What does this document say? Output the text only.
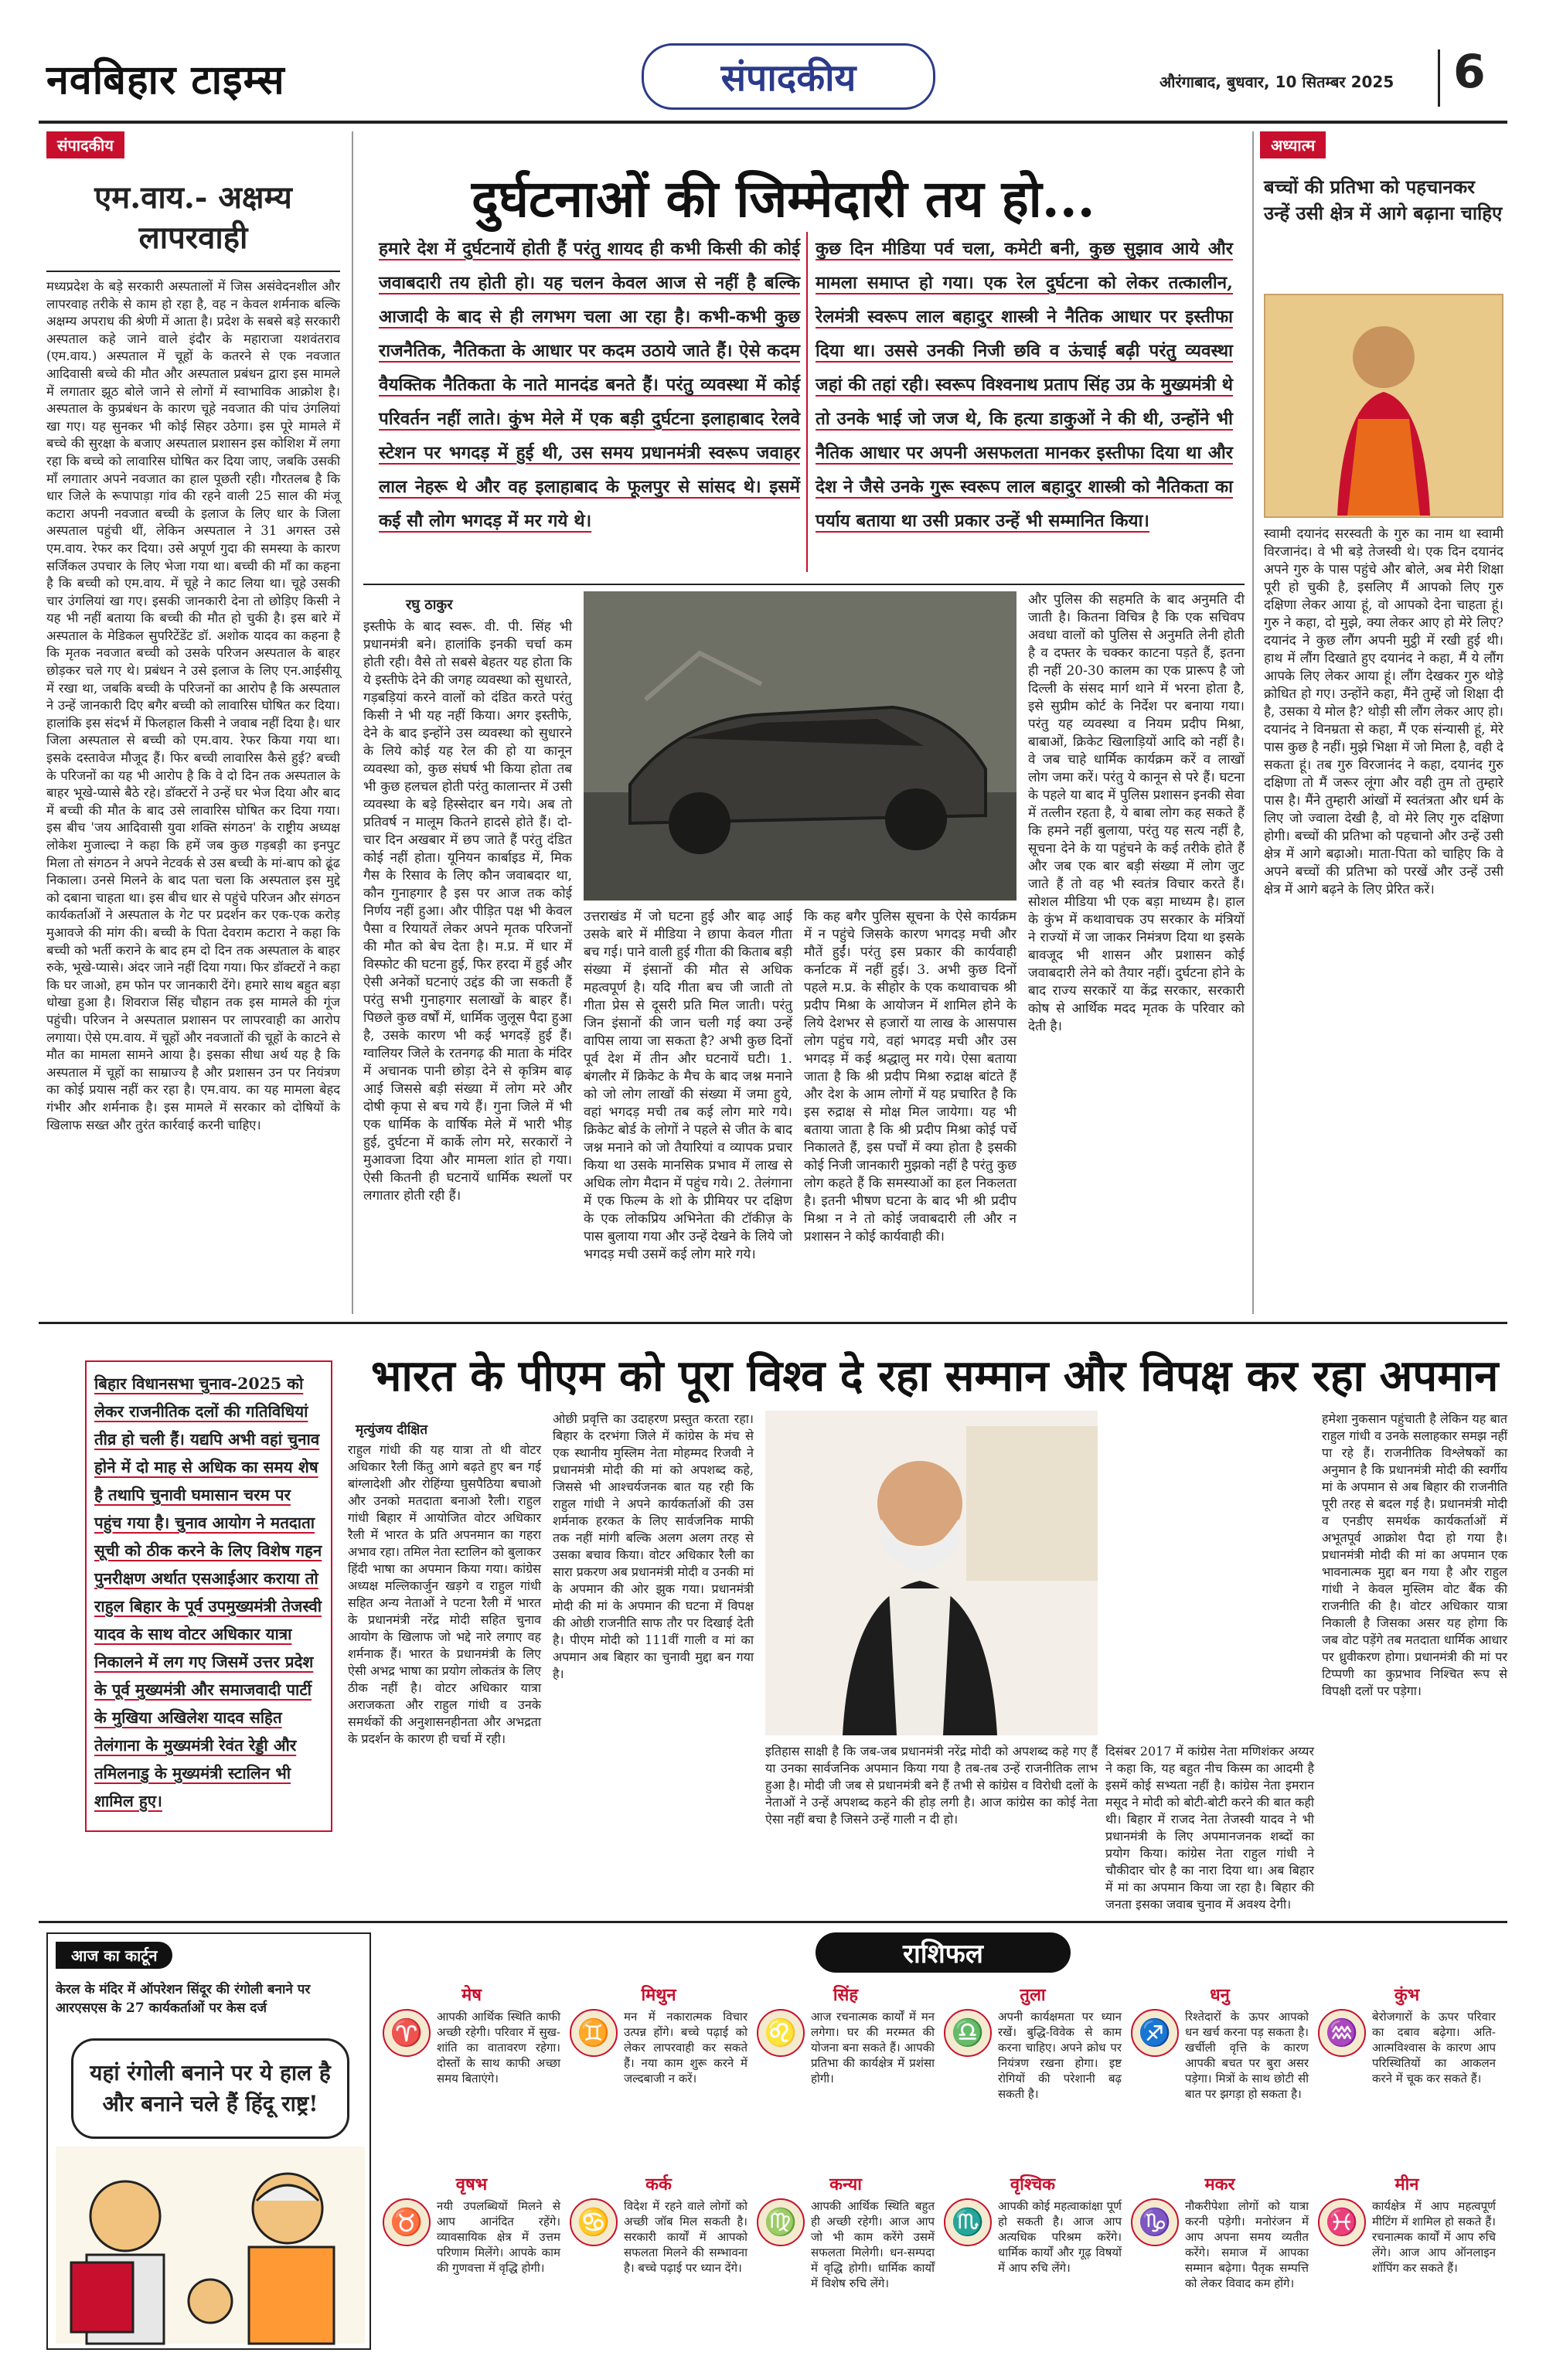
नवबिहार टाइम्स	संपादकीय	औरंगाबाद, बुधवार, 10 सितम्बर 2025 6
संपादकीय
एम.वाय.- अक्षम्य लापरवाही
मध्यप्रदेश के बड़े सरकारी अस्पतालों में जिस असंवेदनशील और लापरवाह तरीके से काम हो रहा है, वह न केवल शर्मनाक बल्कि अक्षम्य अपराध की श्रेणी में आता है। प्रदेश के सबसे बड़े सरकारी अस्पताल कहे जाने वाले इंदौर के महाराजा यशवंतराव (एम.वाय.) अस्पताल में चूहों के कतरने से एक नवजात आदिवासी बच्चे की मौत और अस्पताल प्रबंधन द्वारा इस मामले में लगातार झूठ बोले जाने से लोगों में स्वाभाविक आक्रोश है। अस्पताल के कुप्रबंधन के कारण चूहे नवजात की पांच उंगलियां खा गए। यह सुनकर भी कोई सिहर उठेगा। इस पूरे मामले में बच्चे की सुरक्षा के बजाए अस्पताल प्रशासन इस कोशिश में लगा रहा कि बच्चे को लावारिस घोषित कर दिया जाए, जबकि उसकी माँ लगातार अपने नवजात का हाल पूछती रही। गौरतलब है कि धार जिले के रूपापाड़ा गांव की रहने वाली 25 साल की मंजू कटारा अपनी नवजात बच्ची के इलाज के लिए धार के जिला अस्पताल पहुंची थीं, लेकिन अस्पताल ने 31 अगस्त उसे एम.वाय. रेफर कर दिया। उसे अपूर्ण गुदा की समस्या के कारण सर्जिकल उपचार के लिए भेजा गया था। बच्ची की माँ का कहना है कि बच्ची को एम.वाय. में चूहे ने काट लिया था। चूहे उसकी चार उंगलियां खा गए। इसकी जानकारी देना तो छोड़िए किसी ने यह भी नहीं बताया कि बच्ची की मौत हो चुकी है। इस बारे में अस्पताल के मेडिकल सुपरिटेंडेंट डॉ. अशोक यादव का कहना है कि मृतक नवजात बच्ची को उसके परिजन अस्पताल के बाहर छोड़कर चले गए थे। प्रबंधन ने उसे इलाज के लिए एन.आईसीयू में रखा था, जबकि बच्ची के परिजनों का आरोप है कि अस्पताल ने उन्हें जानकारी दिए बगैर बच्ची को लावारिस घोषित कर दिया। हालांकि इस संदर्भ में फिलहाल किसी ने जवाब नहीं दिया है। धार जिला अस्पताल से बच्ची को एम.वाय. रेफर किया गया था। इसके दस्तावेज मौजूद हैं। फिर बच्ची लावारिस कैसे हुई? बच्ची के परिजनों का यह भी आरोप है कि वे दो दिन तक अस्पताल के बाहर भूखे-प्यासे बैठे रहे। डॉक्टरों ने उन्हें घर भेज दिया और बाद में बच्ची की मौत के बाद उसे लावारिस घोषित कर दिया गया। इस बीच 'जय आदिवासी युवा शक्ति संगठन' के राष्ट्रीय अध्यक्ष लोकेश मुजाल्दा ने कहा कि हमें जब कुछ गड़बड़ी का इनपुट मिला तो संगठन ने अपने नेटवर्क से उस बच्ची के मां-बाप को ढूंढ निकाला। उनसे मिलने के बाद पता चला कि अस्पताल इस मुद्दे को दबाना चाहता था। इस बीच धार से पहुंचे परिजन और संगठन कार्यकर्ताओं ने अस्पताल के गेट पर प्रदर्शन कर एक-एक करोड़ मुआवजे की मांग की। बच्ची के पिता देवराम कटारा ने कहा कि बच्ची को भर्ती कराने के बाद हम दो दिन तक अस्पताल के बाहर रुके, भूखे-प्यासे। अंदर जाने नहीं दिया गया। फिर डॉक्टरों ने कहा कि घर जाओ, हम फोन पर जानकारी देंगे। हमारे साथ बहुत बड़ा धोखा हुआ है। शिवराज सिंह चौहान तक इस मामले की गूंज पहुंची। परिजन ने अस्पताल प्रशासन पर लापरवाही का आरोप लगाया। ऐसे एम.वाय. में चूहों और नवजातों की चूहों के काटने से मौत का मामला सामने आया है। इसका सीधा अर्थ यह है कि अस्पताल में चूहों का साम्राज्य है और प्रशासन उन पर नियंत्रण का कोई प्रयास नहीं कर रहा है। एम.वाय. का यह मामला बेहद गंभीर और शर्मनाक है। इस मामले में सरकार को दोषियों के खिलाफ सख्त और तुरंत कार्रवाई करनी चाहिए।
दुर्घटनाओं की जिम्मेदारी तय हो...
हमारे देश में दुर्घटनायें होती हैं परंतु शायद ही कभी किसी की कोई जवाबदारी तय होती हो। यह चलन केवल आज से नहीं है बल्कि आजादी के बाद से ही लगभग चला आ रहा है। कभी-कभी कुछ राजनैतिक, नैतिकता के आधार पर कदम उठाये जाते हैं। ऐसे कदम वैयक्तिक नैतिकता के नाते मानदंड बनते हैं। परंतु व्यवस्था में कोई परिवर्तन नहीं लाते। कुंभ मेले में एक बड़ी दुर्घटना इलाहाबाद रेलवे स्टेशन पर भगदड़ में हुई थी, उस समय प्रधानमंत्री स्वरूप जवाहर लाल नेहरू थे और वह इलाहाबाद के फूलपुर से सांसद थे। इसमें कई सौ लोग भगदड़ में मर गये थे।
कुछ दिन मीडिया पर्व चला, कमेटी बनी, कुछ सुझाव आये और मामला समाप्त हो गया। एक रेल दुर्घटना को लेकर तत्कालीन, रेलमंत्री स्वरूप लाल बहादुर शास्त्री ने नैतिक आधार पर इस्तीफा दिया था। उससे उनकी निजी छवि व ऊंचाई बढ़ी परंतु व्यवस्था जहां की तहां रही। स्वरूप विश्वनाथ प्रताप सिंह उप्र के मुख्यमंत्री थे तो उनके भाई जो जज थे, कि हत्या डाकुओं ने की थी, उन्होंने भी नैतिक आधार पर अपनी असफलता मानकर इस्तीफा दिया था और देश ने जैसे उनके गुरू स्वरूप लाल बहादुर शास्त्री को नैतिकता का पर्याय बताया था उसी प्रकार उन्हें भी सम्मानित किया।
रघु ठाकुर
इस्तीफे के बाद स्वरू. वी. पी. सिंह भी प्रधानमंत्री बने। हालांकि इनकी चर्चा कम होती रही। वैसे तो सबसे बेहतर यह होता कि ये इस्तीफे देने की जगह व्यवस्था को सुधारते, गड़बड़ियां करने वालों को दंडित करते परंतु किसी ने भी यह नहीं किया। अगर इस्तीफे, देने के बाद इन्होंने उस व्यवस्था को सुधारने के लिये कोई यह रेल की हो या कानून व्यवस्था को, कुछ संघर्ष भी किया होता तब भी कुछ हलचल होती परंतु कालान्तर में उसी व्यवस्था के बड़े हिस्सेदार बन गये। अब तो प्रतिवर्ष न मालूम कितने हादसे होते हैं। दो-चार दिन अखबार में छप जाते हैं परंतु दंडित कोई नहीं होता। यूनियन कार्बाइड में, मिक गैस के रिसाव के लिए कौन जवाबदार था, कौन गुनाहगार है इस पर आज तक कोई निर्णय नहीं हुआ। और पीड़ित पक्ष भी केवल पैसा व रियायतें लेकर अपने मृतक परिजनों की मौत को बेच देता है। म.प्र. में धार में विस्फोट की घटना हुई, फिर हरदा में हुई और ऐसी अनेकों घटनाएं उद्दंड की जा सकती हैं परंतु सभी गुनाहगार सलाखों के बाहर हैं। पिछले कुछ वर्षों में, धार्मिक जुलूस पैदा हुआ है, उसके कारण भी कई भगदड़ें हुई हैं। ग्वालियर जिले के रतनगढ़ की माता के मंदिर में अचानक पानी छोड़ा देने से कृत्रिम बाढ़ आई जिससे बड़ी संख्या में लोग मरे और दोषी कृपा से बच गये हैं। गुना जिले में भी एक धार्मिक के वार्षिक मेले में भारी भीड़ हुई, दुर्घटना में कार्के लोग मरे, सरकारों ने मुआवजा दिया और मामला शांत हो गया। ऐसी कितनी ही घटनायें धार्मिक स्थलों पर लगातार होती रही हैं।
उत्तराखंड में जो घटना हुई और बाढ़ आई उसके बारे में मीडिया ने छापा केवल गीता बच गई। पाने वाली हुई गीता की किताब बड़ी संख्या में इंसानों की मौत से अधिक महत्वपूर्ण है। यदि गीता बच जी जाती तो गीता प्रेस से दूसरी प्रति मिल जाती। परंतु जिन इंसानों की जान चली गई क्या उन्हें वापिस लाया जा सकता है? अभी कुछ दिनों पूर्व देश में तीन और घटनायें घटी। 1. बंगलौर में क्रिकेट के मैच के बाद जश्न मनाने को जो लोग लाखों की संख्या में जमा हुये, वहां भगदड़ मची तब कई लोग मारे गये। क्रिकेट बोर्ड के लोगों ने पहले से जीत के बाद जश्न मनाने को जो तैयारियां व व्यापक प्रचार किया था उसके मानसिक प्रभाव में लाख से अधिक लोग मैदान में पहुंच गये। 2. तेलंगाना में एक फिल्म के शो के प्रीमियर पर दक्षिण के एक लोकप्रिय अभिनेता की टॉकीज़ के पास बुलाया गया और उन्हें देखने के लिये जो भगदड़ मची उसमें कई लोग मारे गये।
कि कह बगैर पुलिस सूचना के ऐसे कार्यक्रम में न पहुंचे जिसके कारण भगदड़ मची और मौतें हुईं। परंतु इस प्रकार की कार्यवाही कर्नाटक में नहीं हुई। 3. अभी कुछ दिनों पहले म.प्र. के सीहोर के एक कथावाचक श्री प्रदीप मिश्रा के आयोजन में शामिल होने के लिये देशभर से हजारों या लाख के आसपास लोग पहुंच गये, वहां भगदड़ मची और उस भगदड़ में कई श्रद्धालु मर गये। ऐसा बताया जाता है कि श्री प्रदीप मिश्रा रुद्राक्ष बांटते हैं और देश के आम लोगों में यह प्रचारित है कि इस रुद्राक्ष से मोक्ष मिल जायेगा। यह भी बताया जाता है कि श्री प्रदीप मिश्रा कोई पर्चे निकालते हैं, इस पर्चों में क्या होता है इसकी कोई निजी जानकारी मुझको नहीं है परंतु कुछ लोग कहते हैं कि समस्याओं का हल निकलता है। इतनी भीषण घटना के बाद भी श्री प्रदीप मिश्रा न ने तो कोई जवाबदारी ली और न प्रशासन ने कोई कार्यवाही की।
और पुलिस की सहमति के बाद अनुमति दी जाती है। कितना विचित्र है कि एक सचिवप अवधा वालों को पुलिस से अनुमति लेनी होती है व दफ्तर के चक्कर काटना पड़ते हैं, इतना ही नहीं 20-30 कालम का एक प्रारूप है जो दिल्ली के संसद मार्ग थाने में भरना होता है, इसे सुप्रीम कोर्ट के निर्देश पर बनाया गया। परंतु यह व्यवस्था व नियम प्रदीप मिश्रा, बाबाओं, क्रिकेट खिलाड़ियों आदि को नहीं है। वे जब चाहे धार्मिक कार्यक्रम करें व लाखों लोग जमा करें। परंतु ये कानून से परे हैं। घटना के पहले या बाद में पुलिस प्रशासन इनकी सेवा में तत्लीन रहता है, ये बाबा लोग कह सकते हैं कि हमने नहीं बुलाया, परंतु यह सत्य नहीं है, सूचना देने के या पहुंचने के कई तरीके होते हैं और जब एक बार बड़ी संख्या में लोग जुट जाते हैं तो वह भी स्वतंत्र विचार करते हैं। सोशल मीडिया भी एक बड़ा माध्यम है। हाल के कुंभ में कथावाचक उप सरकार के मंत्रियों ने राज्यों में जा जाकर निमंत्रण दिया था इसके बावजूद भी शासन और प्रशासन कोई जवाबदारी लेने को तैयार नहीं। दुर्घटना होने के बाद राज्य सरकारें या केंद्र सरकार, सरकारी कोष से आर्थिक मदद मृतक के परिवार को देती है।
अध्यात्म
बच्चों की प्रतिभा को पहचानकर उन्हें उसी क्षेत्र में आगे बढ़ाना चाहिए
स्वामी दयानंद सरस्वती के गुरु का नाम था स्वामी विरजानंद। वे भी बड़े तेजस्वी थे। एक दिन दयानंद अपने गुरु के पास पहुंचे और बोले, अब मेरी शिक्षा पूरी हो चुकी है, इसलिए मैं आपको लिए गुरु दक्षिणा लेकर आया हूं, वो आपको देना चाहता हूं। गुरु ने कहा, दो मुझे, क्या लेकर आए हो मेरे लिए? दयानंद ने कुछ लौंग अपनी मुट्ठी में रखी हुई थी। हाथ में लौंग दिखाते हुए दयानंद ने कहा, मैं ये लौंग आपके लिए लेकर आया हूं। लौंग देखकर गुरु थोड़े क्रोधित हो गए। उन्होंने कहा, मैंने तुम्हें जो शिक्षा दी है, उसका ये मोल है? थोड़ी सी लौंग लेकर आए हो। दयानंद ने विनम्रता से कहा, मैं एक संन्यासी हूं, मेरे पास कुछ है नहीं। मुझे भिक्षा में जो मिला है, वही दे सकता हूं। तब गुरु विरजानंद ने कहा, दयानंद गुरु दक्षिणा तो मैं जरूर लूंगा और वही तुम तो तुम्हारे पास है। मैंने तुम्हारी आंखों में स्वतंत्रता और धर्म के लिए जो ज्वाला देखी है, वो मेरे लिए गुरु दक्षिणा होगी। बच्चों की प्रतिभा को पहचानो और उन्हें उसी क्षेत्र में आगे बढ़ाओ। माता-पिता को चाहिए कि वे अपने बच्चों की प्रतिभा को परखें और उन्हें उसी क्षेत्र में आगे बढ़ने के लिए प्रेरित करें।
भारत के पीएम को पूरा विश्व दे रहा सम्मान और विपक्ष कर रहा अपमान
बिहार विधानसभा चुनाव-2025 को लेकर राजनीतिक दलों की गतिविधियां तीव्र हो चली हैं। यद्यपि अभी वहां चुनाव होने में दो माह से अधिक का समय शेष है तथापि चुनावी घमासान चरम पर पहुंच गया है। चुनाव आयोग ने मतदाता सूची को ठीक करने के लिए विशेष गहन पुनरीक्षण अर्थात एसआईआर कराया तो राहुल बिहार के पूर्व उपमुख्यमंत्री तेजस्वी यादव के साथ वोटर अधिकार यात्रा निकालने में लग गए जिसमें उत्तर प्रदेश के पूर्व मुख्यमंत्री और समाजवादी पार्टी के मुखिया अखिलेश यादव सहित तेलंगाना के मुख्यमंत्री रेवंत रेड्डी और तमिलनाडु के मुख्यमंत्री स्टालिन भी शामिल हुए।
मृत्युंजय दीक्षित
राहुल गांधी की यह यात्रा तो थी वोटर अधिकार रैली किंतु आगे बढ़ते हुए बन गई बांग्लादेशी और रोहिंग्या घुसपैठिया बचाओ और उनको मतदाता बनाओ रैली। राहुल गांधी बिहार में आयोजित वोटर अधिकार रैली में भारत के प्रति अपनमान का गहरा अभाव रहा। तमिल नेता स्टालिन को बुलाकर हिंदी भाषा का अपमान किया गया। कांग्रेस अध्यक्ष मल्लिकार्जुन खड़गे व राहुल गांधी सहित अन्य नेताओं ने पटना रैली में भारत के प्रधानमंत्री नरेंद्र मोदी सहित चुनाव आयोग के खिलाफ जो भद्दे नारे लगाए वह शर्मनाक हैं। भारत के प्रधानमंत्री के लिए ऐसी अभद्र भाषा का प्रयोग लोकतंत्र के लिए ठीक नहीं है। वोटर अधिकार यात्रा अराजकता और राहुल गांधी व उनके समर्थकों की अनुशासनहीनता और अभद्रता के प्रदर्शन के कारण ही चर्चा में रही।
ओछी प्रवृत्ति का उदाहरण प्रस्तुत करता रहा। बिहार के दरभंगा जिले में कांग्रेस के मंच से एक स्थानीय मुस्लिम नेता मोहम्मद रिजवी ने प्रधानमंत्री मोदी की मां को अपशब्द कहे, जिससे भी आश्चर्यजनक बात यह रही कि राहुल गांधी ने अपने कार्यकर्ताओं की उस शर्मनाक हरकत के लिए सार्वजनिक माफी तक नहीं मांगी बल्कि अलग अलग तरह से उसका बचाव किया। वोटर अधिकार रैली का सारा प्रकरण अब प्रधानमंत्री मोदी व उनकी मां के अपमान की ओर झुक गया। प्रधानमंत्री मोदी की मां के अपमान की घटना में विपक्ष की ओछी राजनीति साफ तौर पर दिखाई देती है। पीएम मोदी को 111वीं गाली व मां का अपमान अब बिहार का चुनावी मुद्दा बन गया है।
इतिहास साक्षी है कि जब-जब प्रधानमंत्री नरेंद्र मोदी को अपशब्द कहे गए हैं या उनका सार्वजनिक अपमान किया गया है तब-तब उन्हें राजनीतिक लाभ हुआ है। मोदी जी जब से प्रधानमंत्री बने हैं तभी से कांग्रेस व विरोधी दलों के नेताओं ने उन्हें अपशब्द कहने की होड़ लगी है। आज कांग्रेस का कोई नेता ऐसा नहीं बचा है जिसने उन्हें गाली न दी हो।
दिसंबर 2017 में कांग्रेस नेता मणिशंकर अय्यर ने कहा कि, यह बहुत नीच किस्म का आदमी है इसमें कोई सभ्यता नहीं है। कांग्रेस नेता इमरान मसूद ने मोदी को बोटी-बोटी करने की बात कही थी। बिहार में राजद नेता तेजस्वी यादव ने भी प्रधानमंत्री के लिए अपमानजनक शब्दों का प्रयोग किया। कांग्रेस नेता राहुल गांधी ने चौकीदार चोर है का नारा दिया था। अब बिहार में मां का अपमान किया जा रहा है। बिहार की जनता इसका जवाब चुनाव में अवश्य देगी।
हमेशा नुकसान पहुंचाती है लेकिन यह बात राहुल गांधी व उनके सलाहकार समझ नहीं पा रहे हैं। राजनीतिक विश्लेषकों का अनुमान है कि प्रधानमंत्री मोदी की स्वर्गीय मां के अपमान से अब बिहार की राजनीति पूरी तरह से बदल गई है। प्रधानमंत्री मोदी व एनडीए समर्थक कार्यकर्ताओं में अभूतपूर्व आक्रोश पैदा हो गया है। प्रधानमंत्री मोदी की मां का अपमान एक भावनात्मक मुद्दा बन गया है और राहुल गांधी ने केवल मुस्लिम वोट बैंक की राजनीति की है। वोटर अधिकार यात्रा निकाली है जिसका असर यह होगा कि जब वोट पड़ेंगे तब मतदाता धार्मिक आधार पर ध्रुवीकरण होगा। प्रधानमंत्री की मां पर टिप्पणी का कुप्रभाव निश्चित रूप से विपक्षी दलों पर पड़ेगा।
आज का कार्टून
केरल के मंदिर में ऑपरेशन सिंदूर की रंगोली बनाने पर आरएसएस के 27 कार्यकर्ताओं पर केस दर्ज
यहां रंगोली बनाने पर ये हाल है और बनाने चले हैं हिंदू राष्ट्र!
राशिफल
मेष
♈
आपकी आर्थिक स्थिति काफी अच्छी रहेगी। परिवार में सुख-शांति का वातावरण रहेगा। दोस्तों के साथ काफी अच्छा समय बिताएंगे।
मिथुन
♊
मन में नकारात्मक विचार उत्पन्न होंगे। बच्चे पढ़ाई को लेकर लापरवाही कर सकते हैं। नया काम शुरू करने में जल्दबाजी न करें।
सिंह
♌
आज रचनात्मक कार्यों में मन लगेगा। घर की मरम्मत की योजना बना सकते हैं। आपकी प्रतिभा की कार्यक्षेत्र में प्रशंसा होगी।
तुला
♎
अपनी कार्यक्षमता पर ध्यान रखें। बुद्धि-विवेक से काम करना चाहिए। अपने क्रोध पर नियंत्रण रखना होगा। इष्ट रोगियों की परेशानी बढ़ सकती है।
धनु
♐
रिश्तेदारों के ऊपर आपको धन खर्च करना पड़ सकता है। खर्चीली वृत्ति के कारण आपकी बचत पर बुरा असर पड़ेगा। मित्रों के साथ छोटी सी बात पर झगड़ा हो सकता है।
कुंभ
♒
बेरोजगारों के ऊपर परिवार का दबाव बढ़ेगा। अति-आत्मविश्वास के कारण आप परिस्थितियों का आकलन करने में चूक कर सकते हैं।
वृषभ
♉
नयी उपलब्धियों मिलने से आप आनंदित रहेंगे। व्यावसायिक क्षेत्र में उत्तम परिणाम मिलेंगे। आपके काम की गुणवत्ता में वृद्धि होगी।
कर्क
♋
विदेश में रहने वाले लोगों को अच्छी जॉब मिल सकती है। सरकारी कार्यों में आपको सफलता मिलने की सम्भावना है। बच्चे पढ़ाई पर ध्यान देंगे।
कन्या
♍
आपकी आर्थिक स्थिति बहुत ही अच्छी रहेगी। आज आप जो भी काम करेंगे उसमें सफलता मिलेगी। धन-सम्पदा में वृद्धि होगी। धार्मिक कार्यों में विशेष रुचि लेंगे।
वृश्चिक
♏
आपकी कोई महत्वाकांक्षा पूर्ण हो सकती है। आज आप अत्यधिक परिश्रम करेंगे। धार्मिक कार्यों और गूढ़ विषयों में आप रुचि लेंगे।
मकर
♑
नौकरीपेशा लोगों को यात्रा करनी पड़ेगी। मनोरंजन में आप अपना समय व्यतीत करेंगे। समाज में आपका सम्मान बढ़ेगा। पैतृक सम्पत्ति को लेकर विवाद कम होंगे।
मीन
♓
कार्यक्षेत्र में आप महत्वपूर्ण मीटिंग में शामिल हो सकते हैं। रचनात्मक कार्यों में आप रुचि लेंगे। आज आप ऑनलाइन शॉपिंग कर सकते हैं।
